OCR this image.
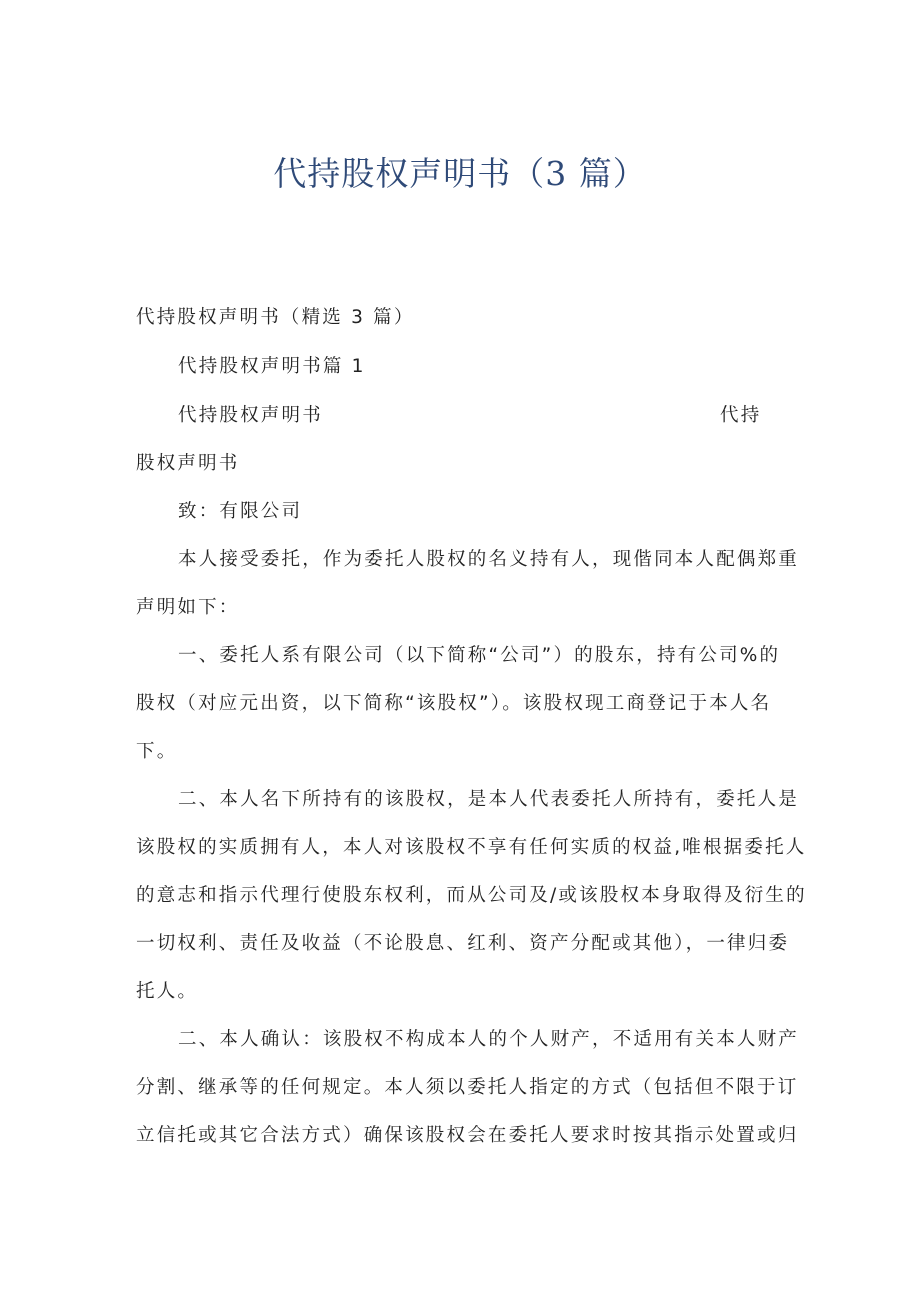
代持股权声明书（3 篇）
代持股权声明书（精选 3 篇）
代持股权声明书篇 1
代持股权声明书	代持
股权声明书
致：有限公司
本人接受委托，作为委托人股权的名义持有人，现偕同本人配偶郑重
声明如下：
一、委托人系有限公司（以下简称“公司”）的股东，持有公司%的
股权（对应元出资，以下简称“该股权”）。该股权现工商登记于本人名
下。
二、本人名下所持有的该股权，是本人代表委托人所持有，委托人是
该股权的实质拥有人，本人对该股权不享有任何实质的权益,唯根据委托人
的意志和指示代理行使股东权利，而从公司及/或该股权本身取得及衍生的
一切权利、责任及收益（不论股息、红利、资产分配或其他），一律归委
托人。
二、本人确认：该股权不构成本人的个人财产，不适用有关本人财产
分割、继承等的任何规定。本人须以委托人指定的方式（包括但不限于订
立信托或其它合法方式）确保该股权会在委托人要求时按其指示处置或归
